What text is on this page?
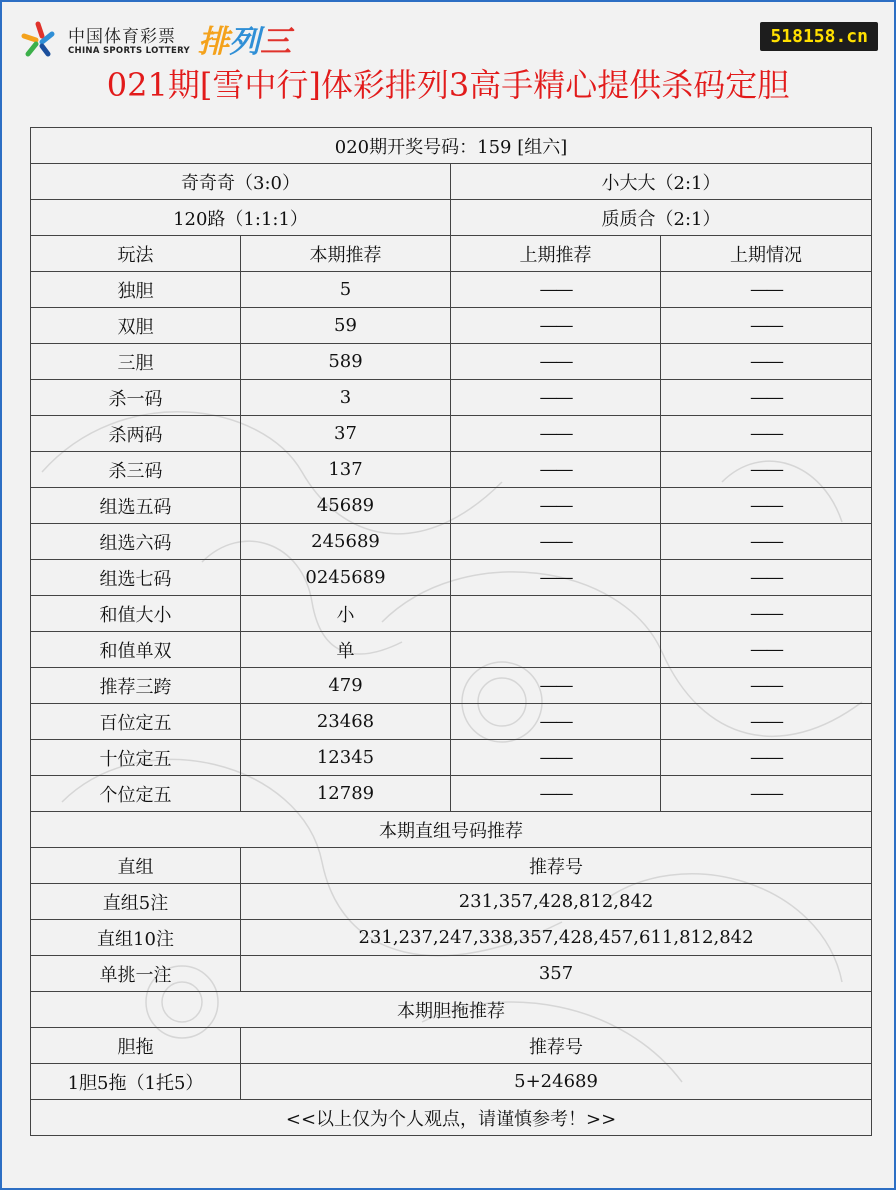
中国体育彩票
CHINA SPORTS LOTTERY 排列三	518158.cn
021期[雪中行]体彩排列3高手精心提供杀码定胆
020期开奖号码：159 [组六]			
奇奇奇（3:0）		小大大（2:1）	
120路（1:1:1）		质质合（2:1）	
玩法	本期推荐	上期推荐	上期情况
独胆	5	——	——
双胆	59	——	——
三胆	589	——	——
杀一码	3	——	——
杀两码	37	——	——
杀三码	137	——	——
组选五码	45689	——	——
组选六码	245689	——	——
组选七码	0245689	——	——
和值大小	小		——
和值单双	单		——
推荐三跨	479	——	——
百位定五	23468	——	——
十位定五	12345	——	——
个位定五	12789	——	——
本期直组号码推荐			
直组	推荐号		
直组5注	231,357,428,812,842		
直组10注	231,237,247,338,357,428,457,611,812,842		
单挑一注	357		
本期胆拖推荐			
胆拖	推荐号		
1胆5拖（1托5）	5+24689		
<<以上仅为个人观点，请谨慎参考！>>			
